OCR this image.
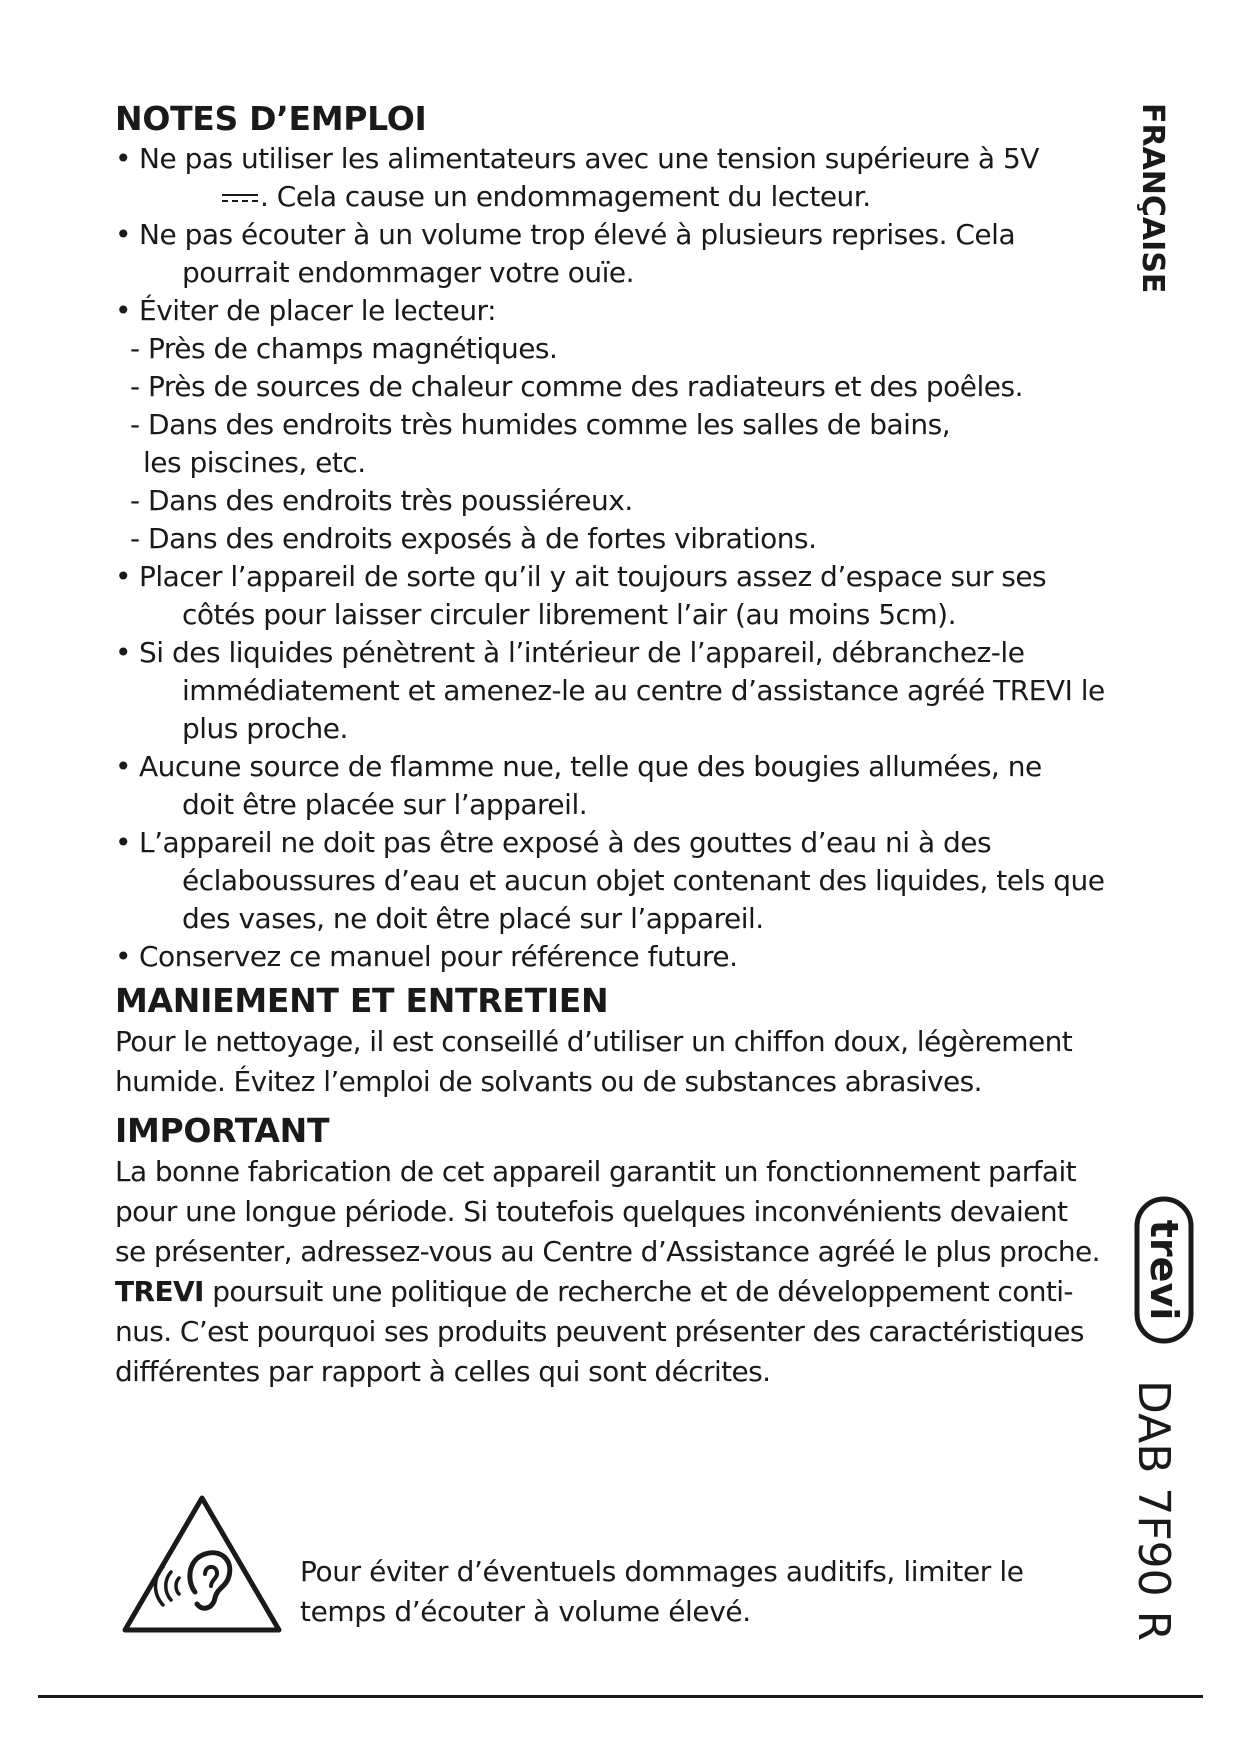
NOTES D’EMPLOI
• Ne pas utiliser les alimentateurs avec une tension supérieure à 5V
. Cela cause un endommagement du lecteur.
• Ne pas écouter à un volume trop élevé à plusieurs reprises. Cela
pourrait endommager votre ouïe.
• Éviter de placer le lecteur:
- Près de champs magnétiques.
- Près de sources de chaleur comme des radiateurs et des poêles.
- Dans des endroits très humides comme les salles de bains,
les piscines, etc.
- Dans des endroits très poussiéreux.
- Dans des endroits exposés à de fortes vibrations.
• Placer l’appareil de sorte qu’il y ait toujours assez d’espace sur ses
côtés pour laisser circuler librement l’air (au moins 5cm).
• Si des liquides pénètrent à l’intérieur de l’appareil, débranchez-le
immédiatement et amenez-le au centre d’assistance agréé TREVI le
plus proche.
• Aucune source de flamme nue, telle que des bougies allumées, ne
doit être placée sur l’appareil.
• L’appareil ne doit pas être exposé à des gouttes d’eau ni à des
éclaboussures d’eau et aucun objet contenant des liquides, tels que
des vases, ne doit être placé sur l’appareil.
• Conservez ce manuel pour référence future.
MANIEMENT ET ENTRETIEN

Pour le nettoyage, il est conseillé d’utiliser un chiffon doux, légèrement

humide. Évitez l’emploi de solvants ou de substances abrasives.

IMPORTANT

La bonne fabrication de cet appareil garantit un fonctionnement parfait

pour une longue période. Si toutefois quelques inconvénients devaient

se présenter, adressez-vous au Centre d’Assistance agréé le plus proche.

TREVI poursuit une politique de recherche et de développement conti-

nus. C’est pourquoi ses produits peuvent présenter des caractéristiques

différentes par rapport à celles qui sont décrites.

FRANÇAISE
trevi
DAB 7F90 R
Pour éviter d’éventuels dommages auditifs, limiter le
temps d’écouter à volume élevé.
